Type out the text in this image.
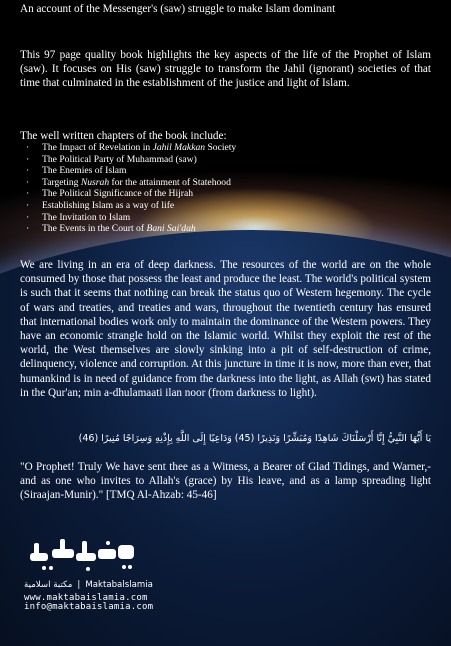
An account of the Messenger's (saw) struggle to make Islam dominant
This 97 page quality book highlights the key aspects of the life of the Prophet of Islam (saw). It focuses on His (saw) struggle to transform the Jahil (ignorant) societies of that time that culminated in the establishment of the justice and light of Islam.
The well written chapters of the book include:
· The Impact of Revelation in Jahil Makkan Society
· The Political Party of Muhammad (saw)
· The Enemies of Islam
· Targeting Nusrah for the attainment of Statehood
· The Political Significance of the Hijrah
· Establishing Islam as a way of life
· The Invitation to Islam
· The Events in the Court of Bani Sai'dah
We are living in an era of deep darkness. The resources of the world are on the whole consumed by those that possess the least and produce the least. The world's political system is such that it seems that nothing can break the status quo of Western hegemony. The cycle of wars and treaties, and treaties and wars, throughout the twentieth century has ensured that international bodies work only to maintain the dominance of the Western powers. They have an economic strangle hold on the Islamic world. Whilst they exploit the rest of the world, the West themselves are slowly sinking into a pit of self-destruction of crime, delinquency, violence and corruption. At this juncture in time it is now, more than ever, that humankind is in need of guidance from the darkness into the light, as Allah (swt) has stated in the Qur'an; min a-dhulamaati ilan noor (from darkness to light).
يَا أَيُّهَا النَّبِيُّ إِنَّا أَرْسَلْنَاكَ شَاهِدًا وَمُبَشِّرًا وَنَذِيرًا (45) وَدَاعِيًا إِلَى اللَّهِ بِإِذْنِهِ وَسِرَاجًا مُنِيرًا (46)
"O Prophet! Truly We have sent thee as a Witness, a Bearer of Glad Tidings, and Warner,-and as one who invites to Allah's (grace) by His leave, and as a lamp spreading light (Siraajan-Munir)." [TMQ Al-Ahzab: 45-46]
مكتبة اسلامية | Maktabalslamia
www.maktabaislamia.com
info@maktabaislamia.com
